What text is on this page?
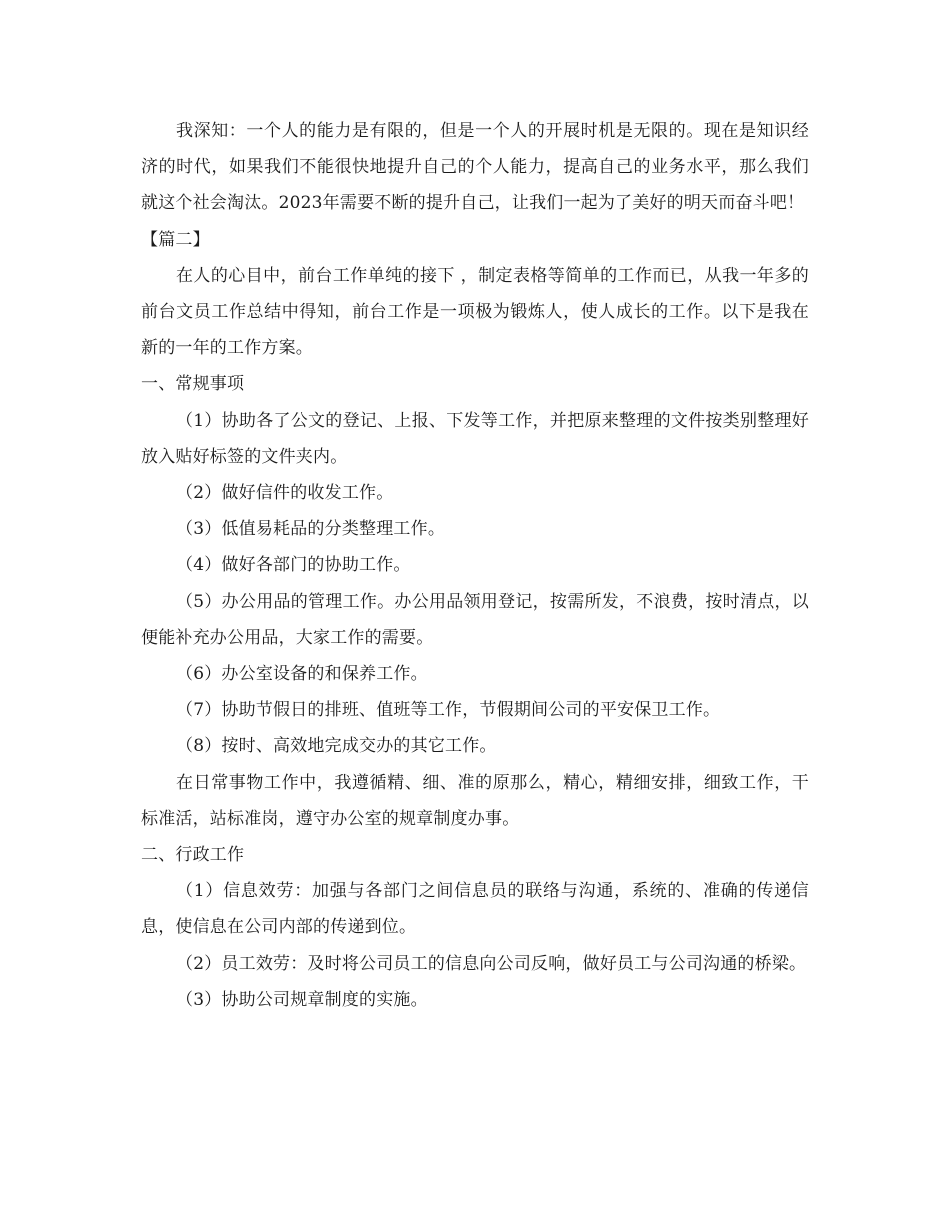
我深知：一个人的能力是有限的，但是一个人的开展时机是无限的。现在是知识经济的时代，如果我们不能很快地提升自己的个人能力，提高自己的业务水平，那么我们就这个社会淘汰。2023年需要不断的提升自己，让我们一起为了美好的明天而奋斗吧！

【篇二】

在人的心目中，前台工作单纯的接下 ，制定表格等简单的工作而已，从我一年多的前台文员工作总结中得知，前台工作是一项极为锻炼人，使人成长的工作。以下是我在新的一年的工作方案。

一、常规事项

（1）协助各了公文的登记、上报、下发等工作，并把原来整理的文件按类别整理好放入贴好标签的文件夹内。

（2）做好信件的收发工作。

（3）低值易耗品的分类整理工作。

（4）做好各部门的协助工作。

（5）办公用品的管理工作。办公用品领用登记，按需所发，不浪费，按时清点，以便能补充办公用品，大家工作的需要。

（6）办公室设备的和保养工作。

（7）协助节假日的排班、值班等工作，节假期间公司的平安保卫工作。

（8）按时、高效地完成交办的其它工作。

在日常事物工作中，我遵循精、细、准的原那么，精心，精细安排，细致工作，干标准活，站标准岗，遵守办公室的规章制度办事。

二、行政工作

（1）信息效劳：加强与各部门之间信息员的联络与沟通，系统的、准确的传递信息，使信息在公司内部的传递到位。

（2）员工效劳：及时将公司员工的信息向公司反响，做好员工与公司沟通的桥梁。

（3）协助公司规章制度的实施。
